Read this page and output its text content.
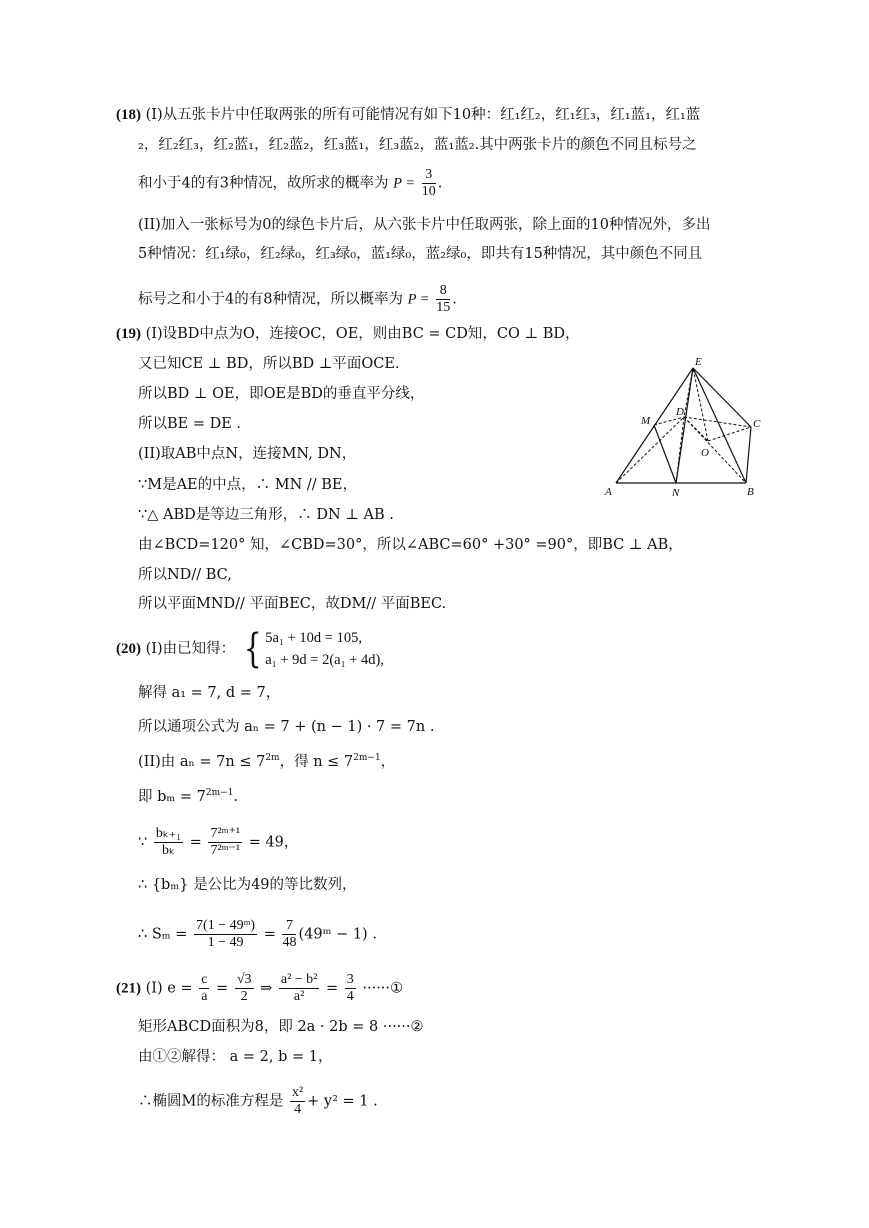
(18) (I)从五张卡片中任取两张的所有可能情况有如下10种：红₁红₂，红₁红₃，红₁蓝₁，红₁蓝
₂，红₂红₃，红₂蓝₁，红₂蓝₂，红₃蓝₁，红₃蓝₂，蓝₁蓝₂.其中两张卡片的颜色不同且标号之
和小于4的有3种情况，故所求的概率为 $P = \frac{3}{10}$ .
(II)加入一张标号为0的绿色卡片后，从六张卡片中任取两张，除上面的10种情况外，多出
5种情况：红₁绿₀，红₂绿₀，红₃绿₀，蓝₁绿₀，蓝₂绿₀，即共有15种情况，其中颜色不同且
标号之和小于4的有8种情况，所以概率为 $P = \frac{8}{15}$ .
(19) (I)设BD中点为O，连接OC，OE，则由BC = CD知，CO ⊥ BD，
又已知CE ⊥ BD，所以BD ⊥平面OCE.
所以BD ⊥ OE，即OE是BD的垂直平分线，
所以BE = DE .
(II)取AB中点N，连接MN, DN，
∵M是AE的中点，∴ MN // BE，
∵△ ABD是等边三角形，∴ DN ⊥ AB .
由∠BCD=120° 知，∠CBD=30°，所以∠ABC=60° +30° =90°，即BC ⊥ AB，
所以ND// BC,
所以平面MND// 平面BEC，故DM// 平面BEC.
E
D
C
M
O
A	N	B
(20) (I)由已知得： { 5a₁ + 10d = 105,
a₁ + 9d = 2(a₁ + 4d),
解得 a₁ = 7, d = 7，
所以通项公式为 aₙ = 7 + (n − 1) · 7 = 7n .
(II)由 $a_n = 7n \le 7^{2m}$，得 $n \le 7^{2m-1}$，
即 $b_m = 7^{2m-1}$.
∵ $\frac{\text{bₖ₊₁}}{\text{bₖ}} = \frac{\text{7²ᵐ⁺¹}}{\text{7²ᵐ⁻¹}} = 49$，
∴ {bₘ} 是公比为49的等比数列，
∴ $S_m = \frac{\text{7(1 − 49ᵐ)}}{1 - 49} = \frac{7}{48}$ (49ᵐ − 1) .
(21) (I) $e = \frac{c}{a} = \frac{√3}{2}$ ⇒ $\frac{\text{a² − b²}}{\text{a²}} = \frac{3}{4}$ ······①
矩形ABCD面积为8，即 2a · 2b = 8 ······②
由①②解得： a = 2, b = 1，
∴椭圆M的标准方程是 $\frac{\text{x²}}{4} + y^2 = 1$ .
